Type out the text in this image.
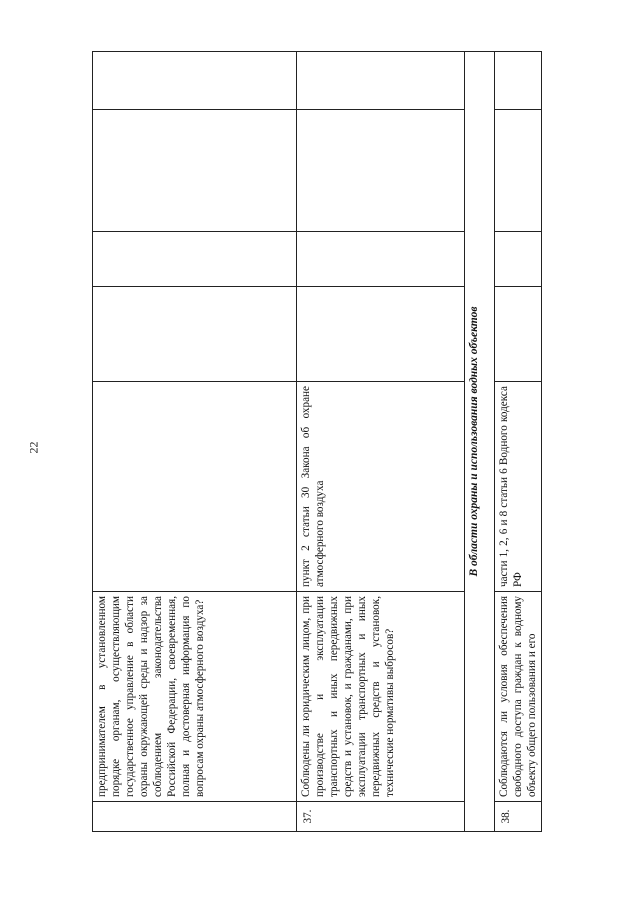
22
	предпринимателем в установленном порядке органам, осуществляющим государственное управление в области охраны окружающей среды и надзор за соблюдением законодательства Российской Федерации, своевременная, полная и достоверная информация по вопросам охраны атмосферного воздуха?					
37.	Соблюдены ли юридическим лицом, при производстве и эксплуатации транспортных и иных передвижных средств и установок, и гражданами, при эксплуатации транспортных и иных передвижных средств и установок, технические нормативы выбросов?	пункт 2 статьи 30 Закона об охране атмосферного воздуха				
В области охраны и использования водных объектов						
38.	Соблюдаются ли условия обеспечения свободного доступа граждан к водному объекту общего пользования и его	части 1, 2, 6 и 8 статьи 6 Водного кодекса РФ				
